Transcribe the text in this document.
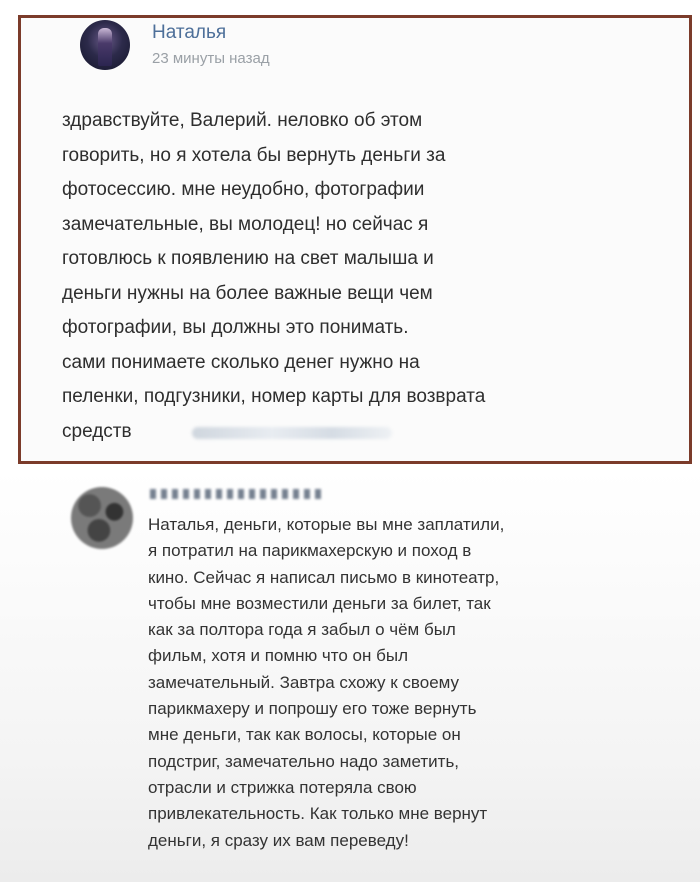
Наталья
23 минуты назад
здравствуйте, Валерий. неловко об этом
говорить, но я хотела бы вернуть деньги за
фотосессию. мне неудобно, фотографии
замечательные, вы молодец! но сейчас я
готовлюсь к появлению на свет малыша и
деньги нужны на более важные вещи чем
фотографии, вы должны это понимать.
сами понимаете сколько денег нужно на
пеленки, подгузники, номер карты для возврата
средств
Наталья, деньги, которые вы мне заплатили,
я потратил на парикмахерскую и поход в
кино. Сейчас я написал письмо в кинотеатр,
чтобы мне возместили деньги за билет, так
как за полтора года я забыл о чём был
фильм, хотя и помню что он был
замечательный. Завтра схожу к своему
парикмахеру и попрошу его тоже вернуть
мне деньги, так как волосы, которые он
подстриг, замечательно надо заметить,
отрасли и стрижка потеряла свою
привлекательность. Как только мне вернут
деньги, я сразу их вам переведу!
